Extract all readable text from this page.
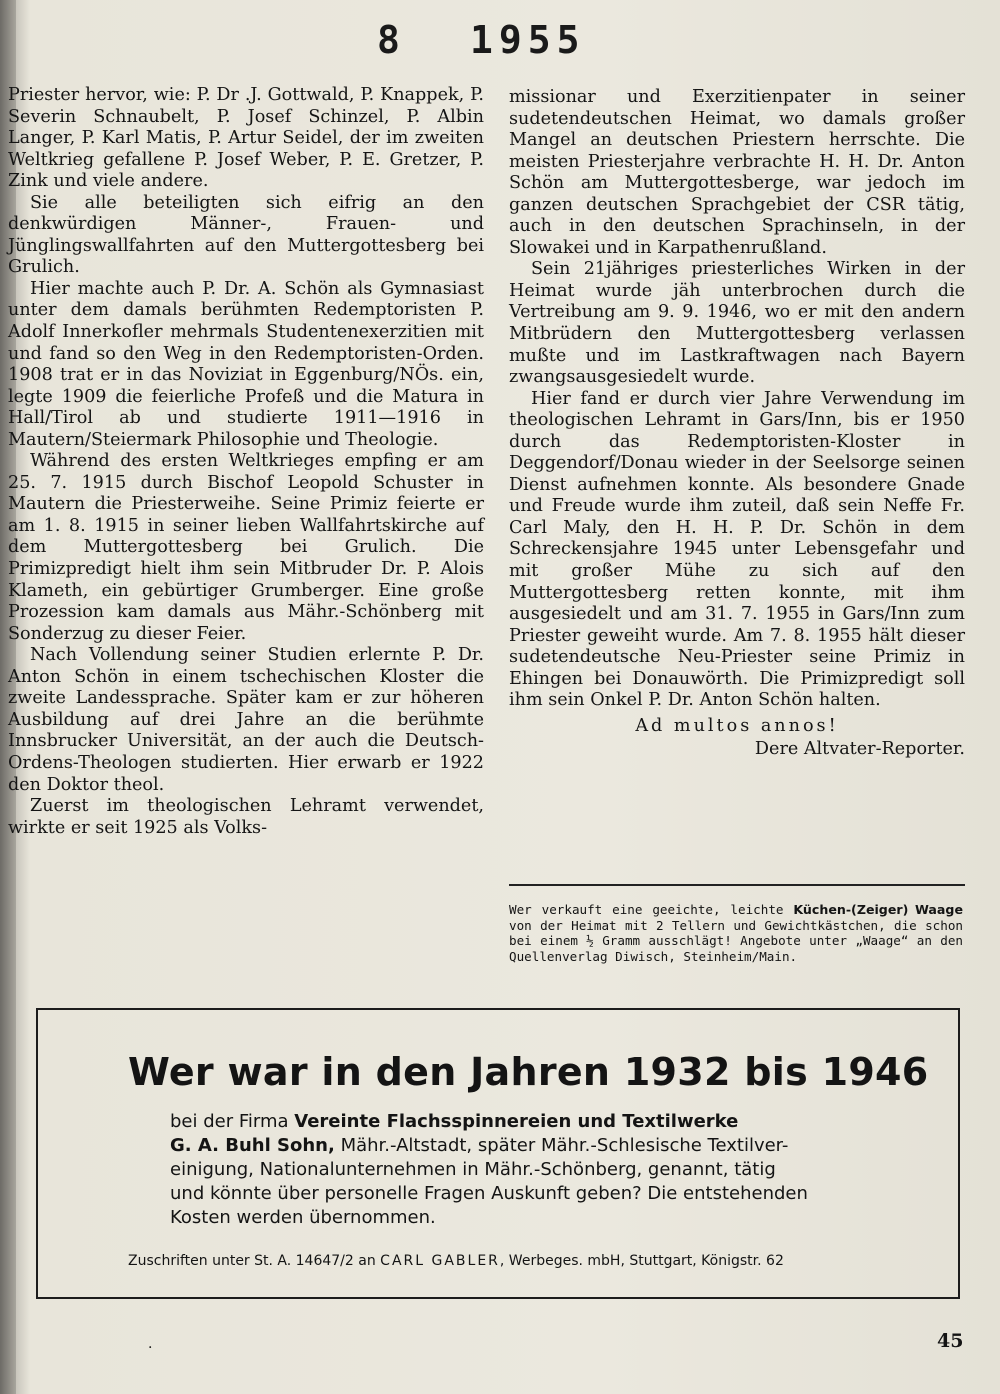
8 1955

Priester hervor, wie: P. Dr .J. Gottwald, P. Knappek, P. Severin Schnaubelt, P. Josef Schinzel, P. Albin Langer, P. Karl Matis, P. Artur Seidel, der im zweiten Weltkrieg gefallene P. Josef Weber, P. E. Gretzer, P. Zink und viele andere.

Sie alle beteiligten sich eifrig an den denkwürdigen Männer-, Frauen- und Jünglingswallfahrten auf den Muttergottesberg bei Grulich.

Hier machte auch P. Dr. A. Schön als Gymnasiast unter dem damals berühmten Redemptoristen P. Adolf Innerkofler mehrmals Studentenexerzitien mit und fand so den Weg in den Redemptoristen-Orden. 1908 trat er in das Noviziat in Eggenburg/NÖs. ein, legte 1909 die feierliche Profeß und die Matura in Hall/Tirol ab und studierte 1911—1916 in Mautern/Steiermark Philosophie und Theologie.

Während des ersten Weltkrieges empfing er am 25. 7. 1915 durch Bischof Leopold Schuster in Mautern die Priesterweihe. Seine Primiz feierte er am 1. 8. 1915 in seiner lieben Wallfahrtskirche auf dem Muttergottesberg bei Grulich. Die Primizpredigt hielt ihm sein Mitbruder Dr. P. Alois Klameth, ein gebürtiger Grumberger. Eine große Prozession kam damals aus Mähr.-Schönberg mit Sonderzug zu dieser Feier.

Nach Vollendung seiner Studien erlernte P. Dr. Anton Schön in einem tschechischen Kloster die zweite Landessprache. Später kam er zur höheren Ausbildung auf drei Jahre an die berühmte Innsbrucker Universität, an der auch die Deutsch-Ordens-Theologen studierten. Hier erwarb er 1922 den Doktor theol.

Zuerst im theologischen Lehramt verwendet, wirkte er seit 1925 als Volks-

missionar und Exerzitienpater in seiner sudetendeutschen Heimat, wo damals großer Mangel an deutschen Priestern herrschte. Die meisten Priesterjahre verbrachte H. H. Dr. Anton Schön am Muttergottesberge, war jedoch im ganzen deutschen Sprachgebiet der CSR tätig, auch in den deutschen Sprachinseln, in der Slowakei und in Karpathenrußland.

Sein 21jähriges priesterliches Wirken in der Heimat wurde jäh unterbrochen durch die Vertreibung am 9. 9. 1946, wo er mit den andern Mitbrüdern den Muttergottesberg verlassen mußte und im Lastkraftwagen nach Bayern zwangsausgesiedelt wurde.

Hier fand er durch vier Jahre Verwendung im theologischen Lehramt in Gars/Inn, bis er 1950 durch das Redemptoristen-Kloster in Deggendorf/Donau wieder in der Seelsorge seinen Dienst aufnehmen konnte. Als besondere Gnade und Freude wurde ihm zuteil, daß sein Neffe Fr. Carl Maly, den H. H. P. Dr. Schön in dem Schreckensjahre 1945 unter Lebensgefahr und mit großer Mühe zu sich auf den Muttergottesberg retten konnte, mit ihm ausgesiedelt und am 31. 7. 1955 in Gars/Inn zum Priester geweiht wurde. Am 7. 8. 1955 hält dieser sudetendeutsche Neu-Priester seine Primiz in Ehingen bei Donauwörth. Die Primizpredigt soll ihm sein Onkel P. Dr. Anton Schön halten.

Ad multos annos!

Dere Altvater-Reporter.

Wer verkauft eine geeichte, leichte Küchen-(Zeiger) Waage von der Heimat mit 2 Tellern und Gewichtkästchen, die schon bei einem ½ Gramm ausschlägt! Angebote unter „Waage“ an den Quellenverlag Diwisch, Steinheim/Main.
Wer war in den Jahren 1932 bis 1946
bei der Firma Vereinte Flachsspinnereien und Textilwerke
G. A. Buhl Sohn, Mähr.-Altstadt, später Mähr.-Schlesische Textilver-
einigung, Nationalunternehmen in Mähr.-Schönberg, genannt, tätig
und könnte über personelle Fragen Auskunft geben? Die entstehenden
Kosten werden übernommen.
Zuschriften unter St. A. 14647/2 an CARL GABLER, Werbeges. mbH, Stuttgart, Königstr. 62
·	45
